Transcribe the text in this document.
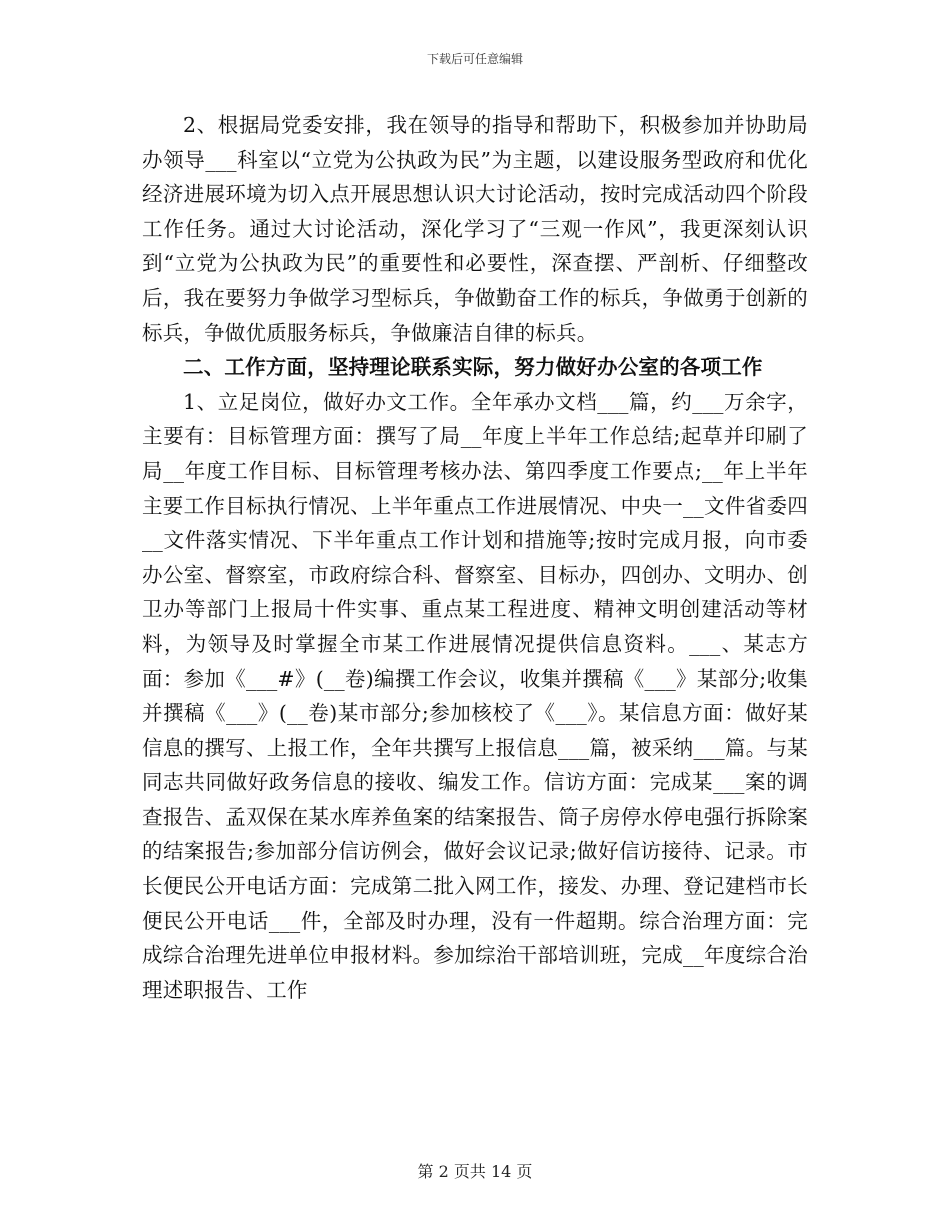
下载后可任意编辑

2、根据局党委安排，我在领导的指导和帮助下，积极参加并协助局办领导___科室以“立党为公执政为民”为主题，以建设服务型政府和优化经济进展环境为切入点开展思想认识大讨论活动，按时完成活动四个阶段工作任务。通过大讨论活动，深化学习了“三观一作风”，我更深刻认识到“立党为公执政为民”的重要性和必要性，深查摆、严剖析、仔细整改后，我在要努力争做学习型标兵，争做勤奋工作的标兵，争做勇于创新的标兵，争做优质服务标兵，争做廉洁自律的标兵。

二、工作方面，坚持理论联系实际，努力做好办公室的各项工作

1、立足岗位，做好办文工作。全年承办文档___篇，约___万余字，主要有：目标管理方面：撰写了局__年度上半年工作总结;起草并印刷了局__年度工作目标、目标管理考核办法、第四季度工作要点;__年上半年主要工作目标执行情况、上半年重点工作进展情况、中央一__文件省委四__文件落实情况、下半年重点工作计划和措施等;按时完成月报，向市委办公室、督察室，市政府综合科、督察室、目标办，四创办、文明办、创卫办等部门上报局十件实事、重点某工程进度、精神文明创建活动等材料，为领导及时掌握全市某工作进展情况提供信息资料。___、某志方面：参加《___#》(__卷)编撰工作会议，收集并撰稿《___》某部分;收集并撰稿《___》(__卷)某市部分;参加核校了《___》。某信息方面：做好某信息的撰写、上报工作，全年共撰写上报信息___篇，被采纳___篇。与某同志共同做好政务信息的接收、编发工作。信访方面：完成某___案的调查报告、孟双保在某水库养鱼案的结案报告、筒子房停水停电强行拆除案的结案报告;参加部分信访例会，做好会议记录;做好信访接待、记录。市长便民公开电话方面：完成第二批入网工作，接发、办理、登记建档市长便民公开电话___件，全部及时办理，没有一件超期。综合治理方面：完成综合治理先进单位申报材料。参加综治干部培训班，完成__年度综合治理述职报告、工作

第 2 页共 14 页
